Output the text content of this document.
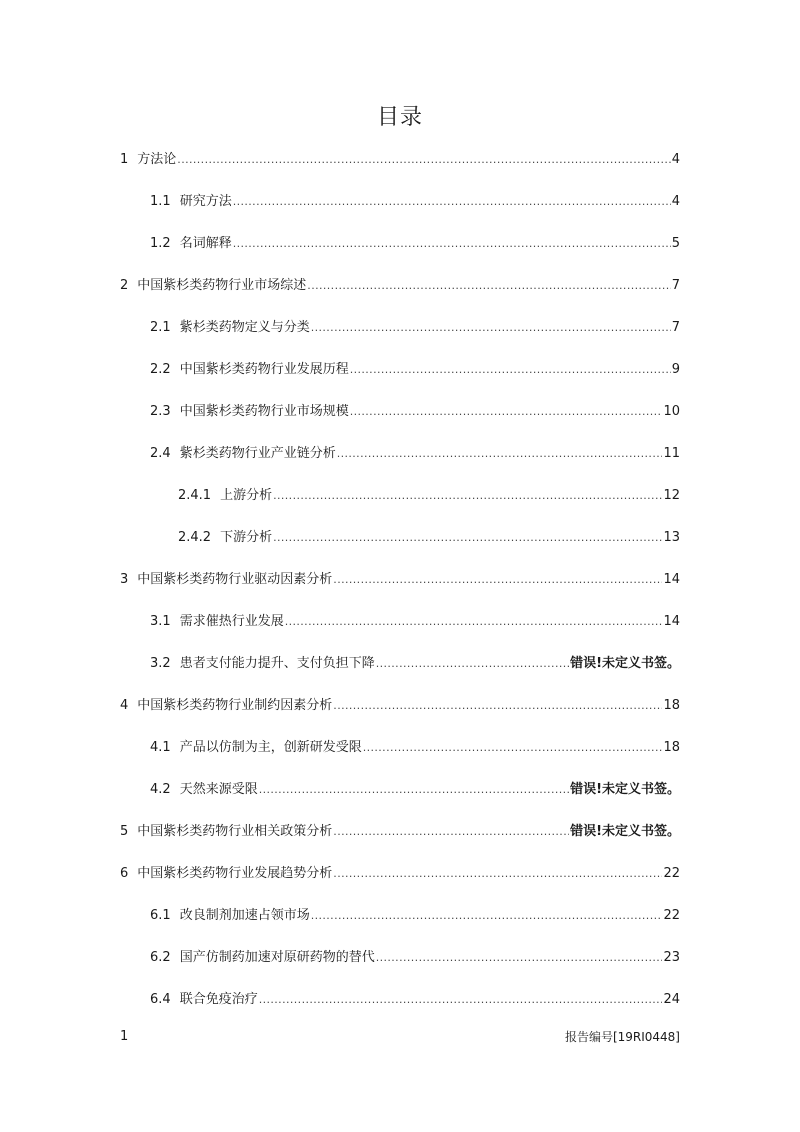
目录
1 方法论 .....	4
1.1 研究方法 .....	4
1.2 名词解释 .....	5
2 中国紫杉类药物行业市场综述 .....	7
2.1 紫杉类药物定义与分类 .....	7
2.2 中国紫杉类药物行业发展历程 .....	9
2.3 中国紫杉类药物行业市场规模 .....	10
2.4 紫杉类药物行业产业链分析 .....	11
2.4.1 上游分析 .....	12
2.4.2 下游分析 .....	13
3 中国紫杉类药物行业驱动因素分析 .....	14
3.1 需求催热行业发展 .....	14
3.2 患者支付能力提升、支付负担下降 .....	错误!未定义书签。
4 中国紫杉类药物行业制约因素分析 .....	18
4.1 产品以仿制为主，创新研发受限 .....	18
4.2 天然来源受限 .....	错误!未定义书签。
5 中国紫杉类药物行业相关政策分析 .....	错误!未定义书签。
6 中国紫杉类药物行业发展趋势分析 .....	22
6.1 改良制剂加速占领市场 .....	22
6.2 国产仿制药加速对原研药物的替代 .....	23
6.4 联合免疫治疗 .....	24
1	报告编号[19RI0448]
